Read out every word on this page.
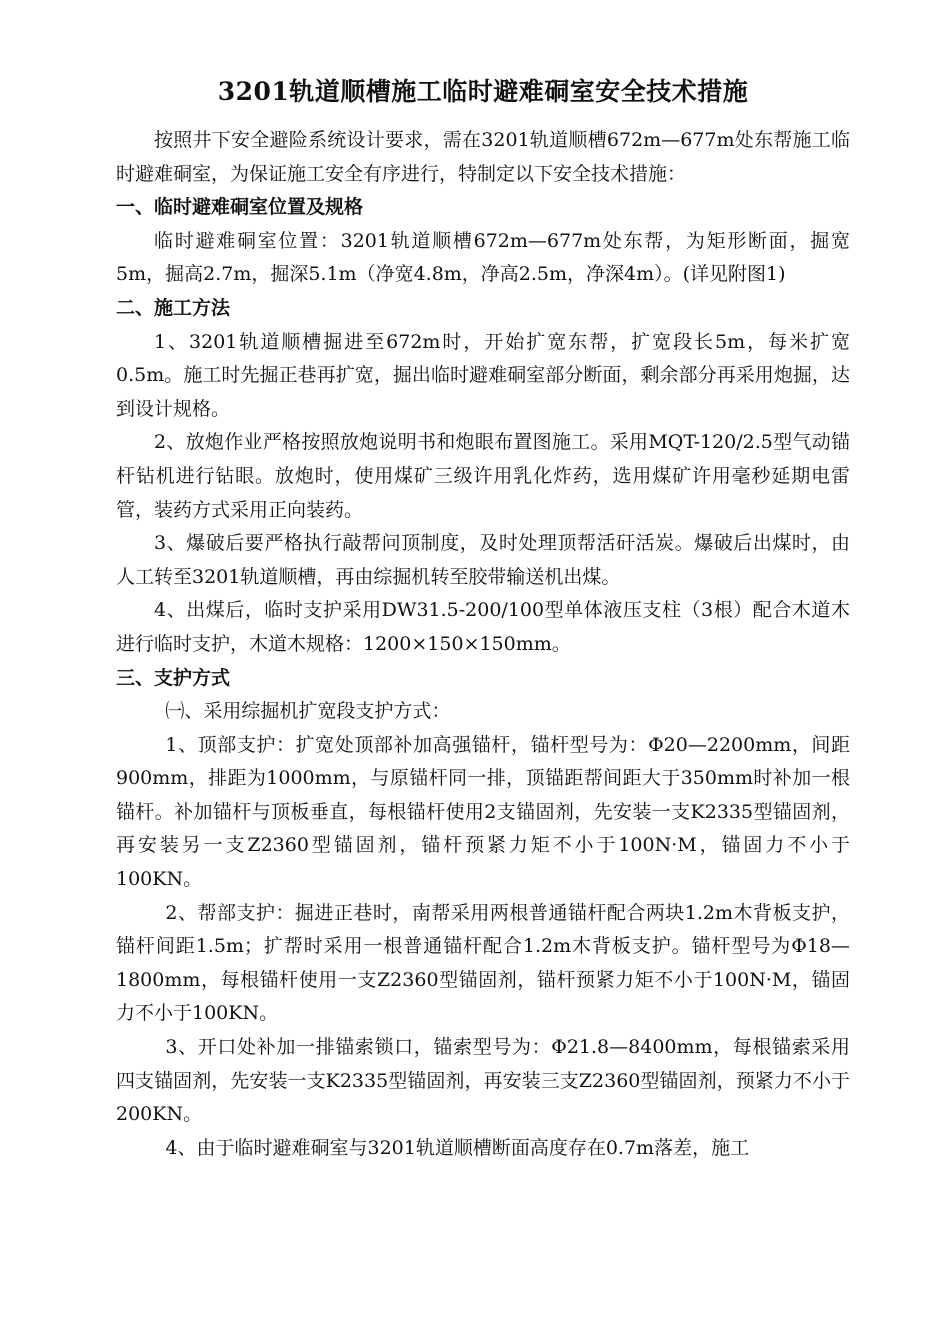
3201轨道顺槽施工临时避难硐室安全技术措施

按照井下安全避险系统设计要求，需在3201轨道顺槽672m—677m处东帮施工临时避难硐室，为保证施工安全有序进行，特制定以下安全技术措施：

一、临时避难硐室位置及规格

临时避难硐室位置：3201轨道顺槽672m—677m处东帮，为矩形断面，掘宽5m，掘高2.7m，掘深5.1m（净宽4.8m，净高2.5m，净深4m）。(详见附图1)

二、施工方法

1、3201轨道顺槽掘进至672m时，开始扩宽东帮，扩宽段长5m，每米扩宽0.5m。施工时先掘正巷再扩宽，掘出临时避难硐室部分断面，剩余部分再采用炮掘，达到设计规格。

2、放炮作业严格按照放炮说明书和炮眼布置图施工。采用MQT-120/2.5型气动锚杆钻机进行钻眼。放炮时，使用煤矿三级许用乳化炸药，选用煤矿许用毫秒延期电雷管，装药方式采用正向装药。

3、爆破后要严格执行敲帮问顶制度，及时处理顶帮活矸活炭。爆破后出煤时，由人工转至3201轨道顺槽，再由综掘机转至胶带输送机出煤。

4、出煤后，临时支护采用DW31.5-200/100型单体液压支柱（3根）配合木道木进行临时支护，木道木规格：1200×150×150mm。

三、支护方式

㈠、采用综掘机扩宽段支护方式：

1、顶部支护：扩宽处顶部补加高强锚杆，锚杆型号为：Φ20—2200mm，间距900mm，排距为1000mm，与原锚杆同一排，顶锚距帮间距大于350mm时补加一根锚杆。补加锚杆与顶板垂直，每根锚杆使用2支锚固剂，先安装一支K2335型锚固剂，再安装另一支Z2360型锚固剂，锚杆预紧力矩不小于100N·M，锚固力不小于100KN。

2、帮部支护：掘进正巷时，南帮采用两根普通锚杆配合两块1.2m木背板支护，锚杆间距1.5m；扩帮时采用一根普通锚杆配合1.2m木背板支护。锚杆型号为Φ18—1800mm，每根锚杆使用一支Z2360型锚固剂，锚杆预紧力矩不小于100N·M，锚固力不小于100KN。

3、开口处补加一排锚索锁口，锚索型号为：Φ21.8—8400mm，每根锚索采用四支锚固剂，先安装一支K2335型锚固剂，再安装三支Z2360型锚固剂，预紧力不小于200KN。

4、由于临时避难硐室与3201轨道顺槽断面高度存在0.7m落差，施工
